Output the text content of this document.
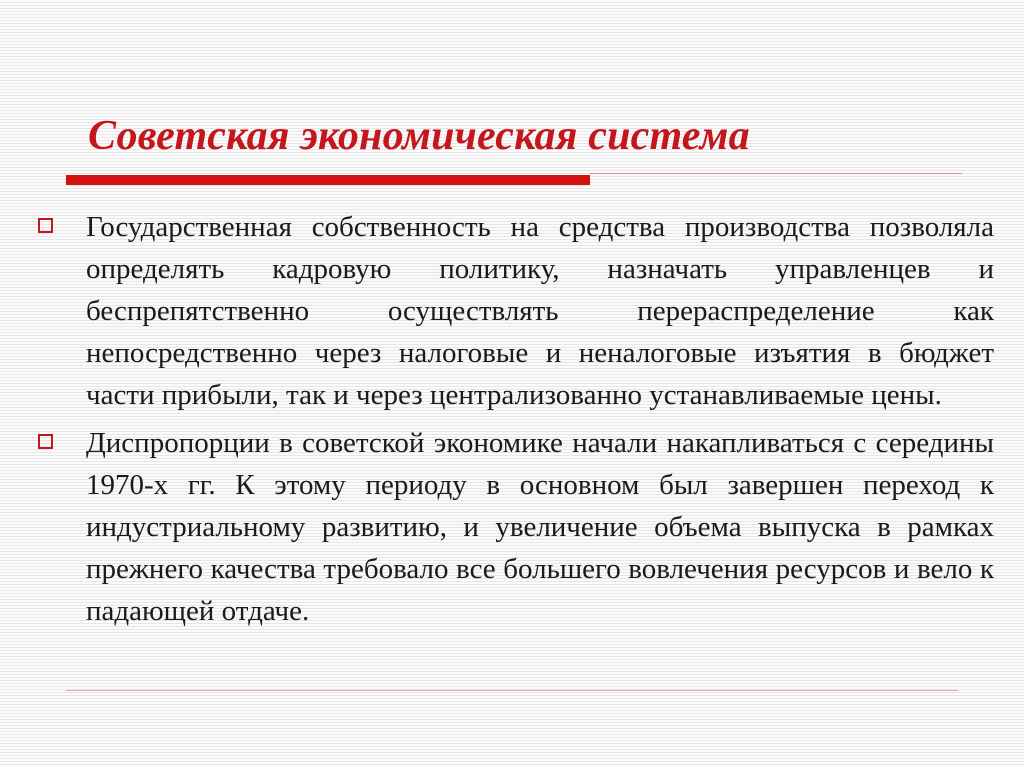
Советская экономическая система
Государственная собственность на средства производства позволяла определять кадровую политику, назначать управленцев и беспрепятственно осуществлять перераспределение как непосредственно через налоговые и неналоговые изъятия в бюджет части прибыли, так и через централизованно устанавливаемые цены.
Диспропорции в советской экономике начали накапливаться с середины 1970-х гг. К этому периоду в основном был завершен переход к индустриальному развитию, и увеличение объема выпуска в рамках прежнего качества требовало все большего вовлечения ресурсов и вело к падающей отдаче.
